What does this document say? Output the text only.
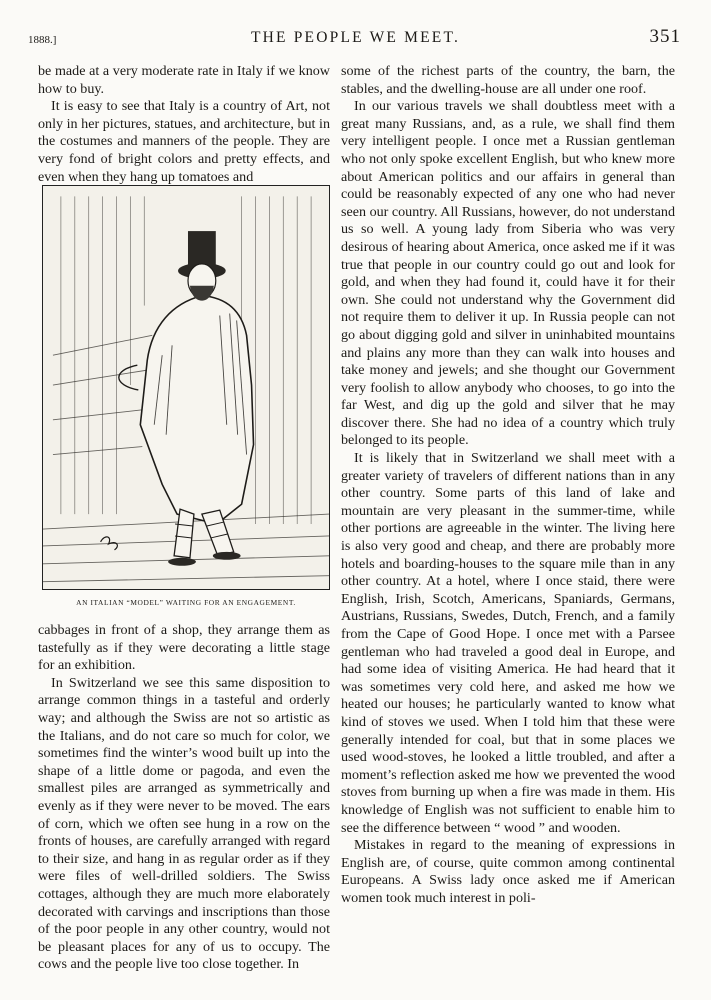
1888.]	THE PEOPLE WE MEET.	351

be made at a very moderate rate in Italy if we know how to buy.

It is easy to see that Italy is a country of Art, not only in her pictures, statues, and architecture, but in the costumes and manners of the people. They are very fond of bright colors and pretty effects, and even when they hang up tomatoes and

AN ITALIAN “MODEL” WAITING FOR AN ENGAGEMENT.

cabbages in front of a shop, they arrange them as tastefully as if they were decorating a little stage for an exhibition.

In Switzerland we see this same disposition to arrange common things in a tasteful and orderly way; and although the Swiss are not so artistic as the Italians, and do not care so much for color, we sometimes find the winter’s wood built up into the shape of a little dome or pagoda, and even the smallest piles are arranged as symmetrically and evenly as if they were never to be moved. The ears of corn, which we often see hung in a row on the fronts of houses, are carefully arranged with regard to their size, and hang in as regular order as if they were files of well-drilled soldiers. The Swiss cottages, although they are much more elaborately decorated with carvings and inscriptions than those of the poor people in any other country, would not be pleasant places for any of us to occupy. The cows and the people live too close together. In

some of the richest parts of the country, the barn, the stables, and the dwelling-house are all under one roof.

In our various travels we shall doubtless meet with a great many Russians, and, as a rule, we shall find them very intelligent people. I once met a Russian gentleman who not only spoke excellent English, but who knew more about American politics and our affairs in general than could be reasonably expected of any one who had never seen our country. All Russians, however, do not understand us so well. A young lady from Siberia who was very desirous of hearing about America, once asked me if it was true that people in our country could go out and look for gold, and when they had found it, could have it for their own. She could not understand why the Government did not require them to deliver it up. In Russia people can not go about digging gold and silver in uninhabited mountains and plains any more than they can walk into houses and take money and jewels; and she thought our Government very foolish to allow anybody who chooses, to go into the far West, and dig up the gold and silver that he may discover there. She had no idea of a country which truly belonged to its people.

It is likely that in Switzerland we shall meet with a greater variety of travelers of different nations than in any other country. Some parts of this land of lake and mountain are very pleasant in the summer-time, while other portions are agreeable in the winter. The living here is also very good and cheap, and there are probably more hotels and boarding-houses to the square mile than in any other country. At a hotel, where I once staid, there were English, Irish, Scotch, Americans, Spaniards, Germans, Austrians, Russians, Swedes, Dutch, French, and a family from the Cape of Good Hope. I once met with a Parsee gentleman who had traveled a good deal in Europe, and had some idea of visiting America. He had heard that it was sometimes very cold here, and asked me how we heated our houses; he particularly wanted to know what kind of stoves we used. When I told him that these were generally intended for coal, but that in some places we used wood-stoves, he looked a little troubled, and after a moment’s reflection asked me how we prevented the wood stoves from burning up when a fire was made in them. His knowledge of English was not sufficient to enable him to see the difference between “ wood ” and wooden.

Mistakes in regard to the meaning of expressions in English are, of course, quite common among continental Europeans. A Swiss lady once asked me if American women took much interest in poli-
